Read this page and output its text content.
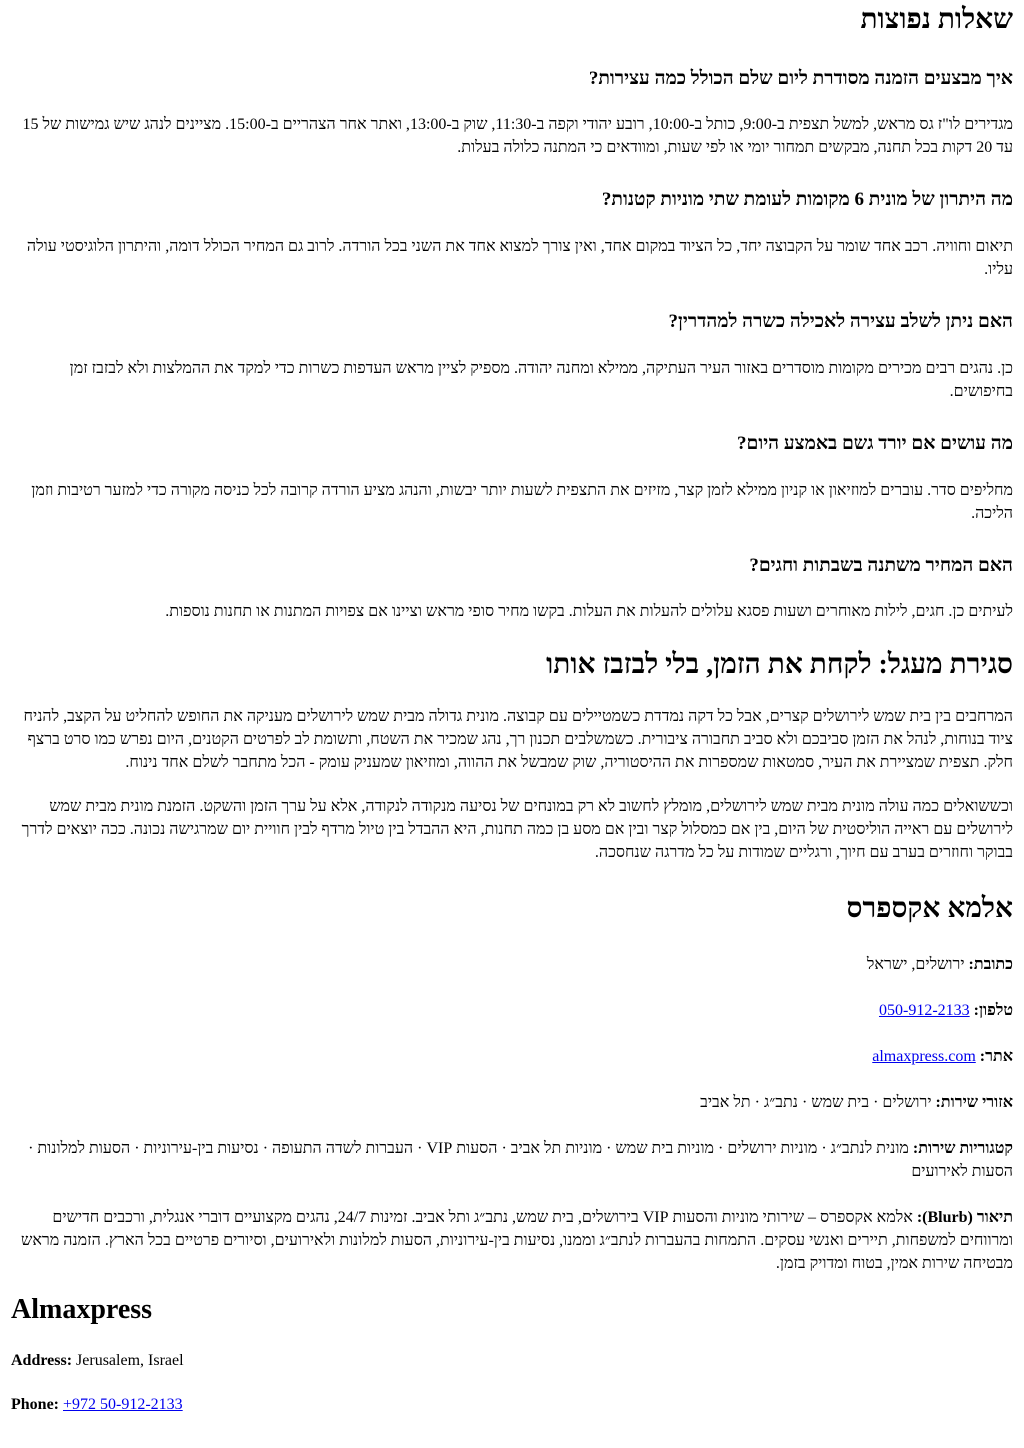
שאלות נפוצות
איך מבצעים הזמנה מסודרת ליום שלם הכולל כמה עצירות?

מגדירים לו"ז גס מראש, למשל תצפית ב-9:00, כותל ב-10:00, רובע יהודי וקפה ב-11:30, שוק ב-13:00, ואתר אחר הצהריים ב-15:00. מציינים לנהג שיש גמישות של 15 עד 20 דקות בכל תחנה, מבקשים תמחור יומי או לפי שעות, ומוודאים כי המתנה כלולה בעלות.

מה היתרון של מונית 6 מקומות לעומת שתי מוניות קטנות?

תיאום וחוויה. רכב אחד שומר על הקבוצה יחד, כל הציוד במקום אחד, ואין צורך למצוא אחד את השני בכל הורדה. לרוב גם המחיר הכולל דומה, והיתרון הלוגיסטי עולה עליו.

האם ניתן לשלב עצירה לאכילה כשרה למהדרין?

כן. נהגים רבים מכירים מקומות מוסדרים באזור העיר העתיקה, ממילא ומחנה יהודה. מספיק לציין מראש העדפות כשרות כדי למקד את ההמלצות ולא לבזבז זמן בחיפושים.

מה עושים אם יורד גשם באמצע היום?

מחליפים סדר. עוברים למוזיאון או קניון ממילא לזמן קצר, מזיזים את התצפית לשעות יותר יבשות, והנהג מציע הורדה קרובה לכל כניסה מקורה כדי למזער רטיבות וזמן הליכה.

האם המחיר משתנה בשבתות וחגים?

לעיתים כן. חגים, לילות מאוחרים ושעות פסגא עלולים להעלות את העלות. בקשו מחיר סופי מראש וציינו אם צפויות המתנות או תחנות נוספות.

סגירת מעגל: לקחת את הזמן, בלי לבזבז אותו

המרחבים בין בית שמש לירושלים קצרים, אבל כל דקה נמדדת כשמטיילים עם קבוצה. מונית גדולה מבית שמש לירושלים מעניקה את החופש להחליט על הקצב, להניח ציוד בנוחות, לנהל את הזמן סביבכם ולא סביב תחבורה ציבורית. כשמשלבים תכנון רך, נהג שמכיר את השטח, ותשומת לב לפרטים הקטנים, היום נפרש כמו סרט ברצף חלק. תצפית שמציירת את העיר, סמטאות שמספרות את ההיסטוריה, שוק שמבשל את ההווה, ומוזיאון שמעניק עומק - הכל מתחבר לשלם אחד נינוח.

וכששואלים כמה עולה מונית מבית שמש לירושלים, מומלץ לחשוב לא רק במונחים של נסיעה מנקודה לנקודה, אלא על ערך הזמן והשקט. הזמנת מונית מבית שמש לירושלים עם ראייה הוליסטית של היום, בין אם כמסלול קצר ובין אם מסע בן כמה תחנות, היא ההבדל בין טיול מרדף לבין חוויית יום שמרגישה נכונה. ככה יוצאים לדרך בבוקר וחוזרים בערב עם חיוך, ורגליים שמודות על כל מדרגה שנחסכה.

אלמא אקספרס

כתובת: ירושלים, ישראל

טלפון: 050-912-2133

אתר: almaxpress.com

אזורי שירות: ירושלים · בית שמש · נתב״ג · תל אביב

קטגוריות שירות: מונית לנתב״ג · מוניות ירושלים · מוניות בית שמש · מוניות תל אביב · הסעות VIP · העברות לשדה התעופה · נסיעות בין-עירוניות · הסעות למלונות · הסעות לאירועים

תיאור (Blurb): אלמא אקספרס – שירותי מוניות והסעות VIP בירושלים, בית שמש, נתב״ג ותל אביב. זמינות 24/7, נהגים מקצועיים דוברי אנגלית, ורכבים חדישים ומרווחים למשפחות, תיירים ואנשי עסקים. התמחות בהעברות לנתב״ג וממנו, נסיעות בין-עירוניות, הסעות למלונות ולאירועים, וסיורים פרטיים בכל הארץ. הזמנה מראש מבטיחה שירות אמין, בטוח ומדויק בזמן.

Almaxpress

Address: Jerusalem, Israel

Phone: +972 50-912-2133
